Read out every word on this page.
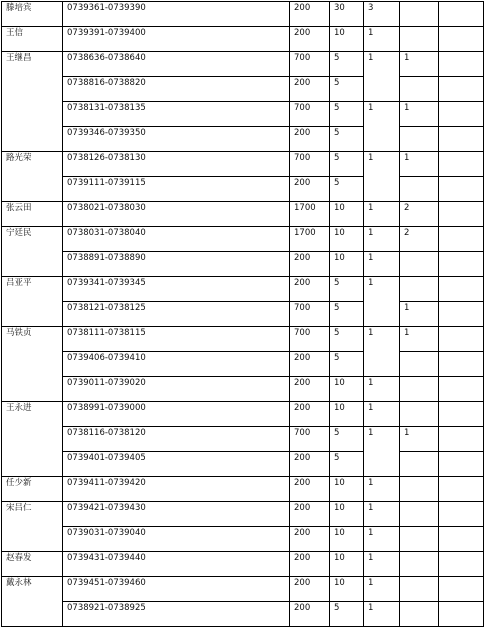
滕培宾	0739361-0739390	200	30	3		
王信	0739391-0739400	200	10	1		
王继昌	0738636-0738640	700	5	1	1	
	0738816-0738820	200	5			
	0738131-0738135	700	5	1	1	
	0739346-0739350	200	5			
路光荣	0738126-0738130	700	5	1	1	
	0739111-0739115	200	5			
张云田	0738021-0738030	1700	10	1	2	
宁廷民	0738031-0738040	1700	10	1	2	
	0738891-0738890	200	10	1		
吕亚平	0739341-0739345	200	5	1		
	0738121-0738125	700	5		1	
马铁贞	0738111-0738115	700	5	1	1	
	0739406-0739410	200	5			
	0739011-0739020	200	10	1		
王永进	0738991-0739000	200	10	1		
	0738116-0738120	700	5	1	1	
	0739401-0739405	200	5			
任少新	0739411-0739420	200	10	1		
宋吕仁	0739421-0739430	200	10	1		
	0739031-0739040	200	10	1		
赵春发	0739431-0739440	200	10	1		
戴永林	0739451-0739460	200	10	1		
	0738921-0738925	200	5	1		
